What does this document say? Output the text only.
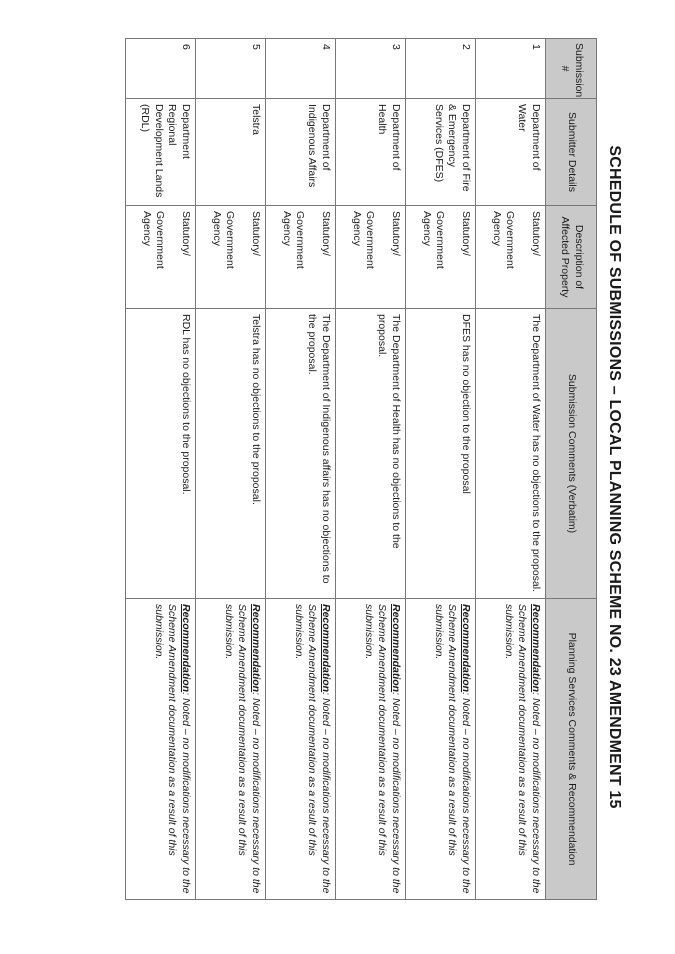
SCHEDULE OF SUBMISSIONS – LOCAL PLANNING SCHEME NO. 23 AMENDMENT 15
Submission #	Submitter Details	Description of Affected Property	Submission Comments (Verbatim)	Planning Services Comments & Recommendation
1	Department of Water	Statutory/
Government Agency	The Department of Water has no objections to the proposal.	Recommendation: Noted – no modifications necessary to the Scheme Amendment documentation as a result of this submission.
2	Department of Fire & Emergency Services (DFES)	Statutory/
Government Agency	DFES has no objection to the proposal	Recommendation: Noted – no modifications necessary to the Scheme Amendment documentation as a result of this submission.
3	Department of Health	Statutory/
Government Agency	The Department of Health has no objections to the proposal.	Recommendation: Noted – no modifications necessary to the Scheme Amendment documentation as a result of this submission.
4	Department of Indigenous Affairs	Statutory/
Government Agency	The Department of Indigenous affairs has no objections to the proposal.	Recommendation: Noted – no modifications necessary to the Scheme Amendment documentation as a result of this submission.
5	Telstra	Statutory/
Government Agency	Telstra has no objections to the proposal.	Recommendation: Noted – no modifications necessary to the Scheme Amendment documentation as a result of this submission.
6	Department Regional Development Lands (RDL)	Statutory/
Government Agency	RDL has no objections to the proposal.	Recommendation: Noted – no modifications necessary to the Scheme Amendment documentation as a result of this submission.
